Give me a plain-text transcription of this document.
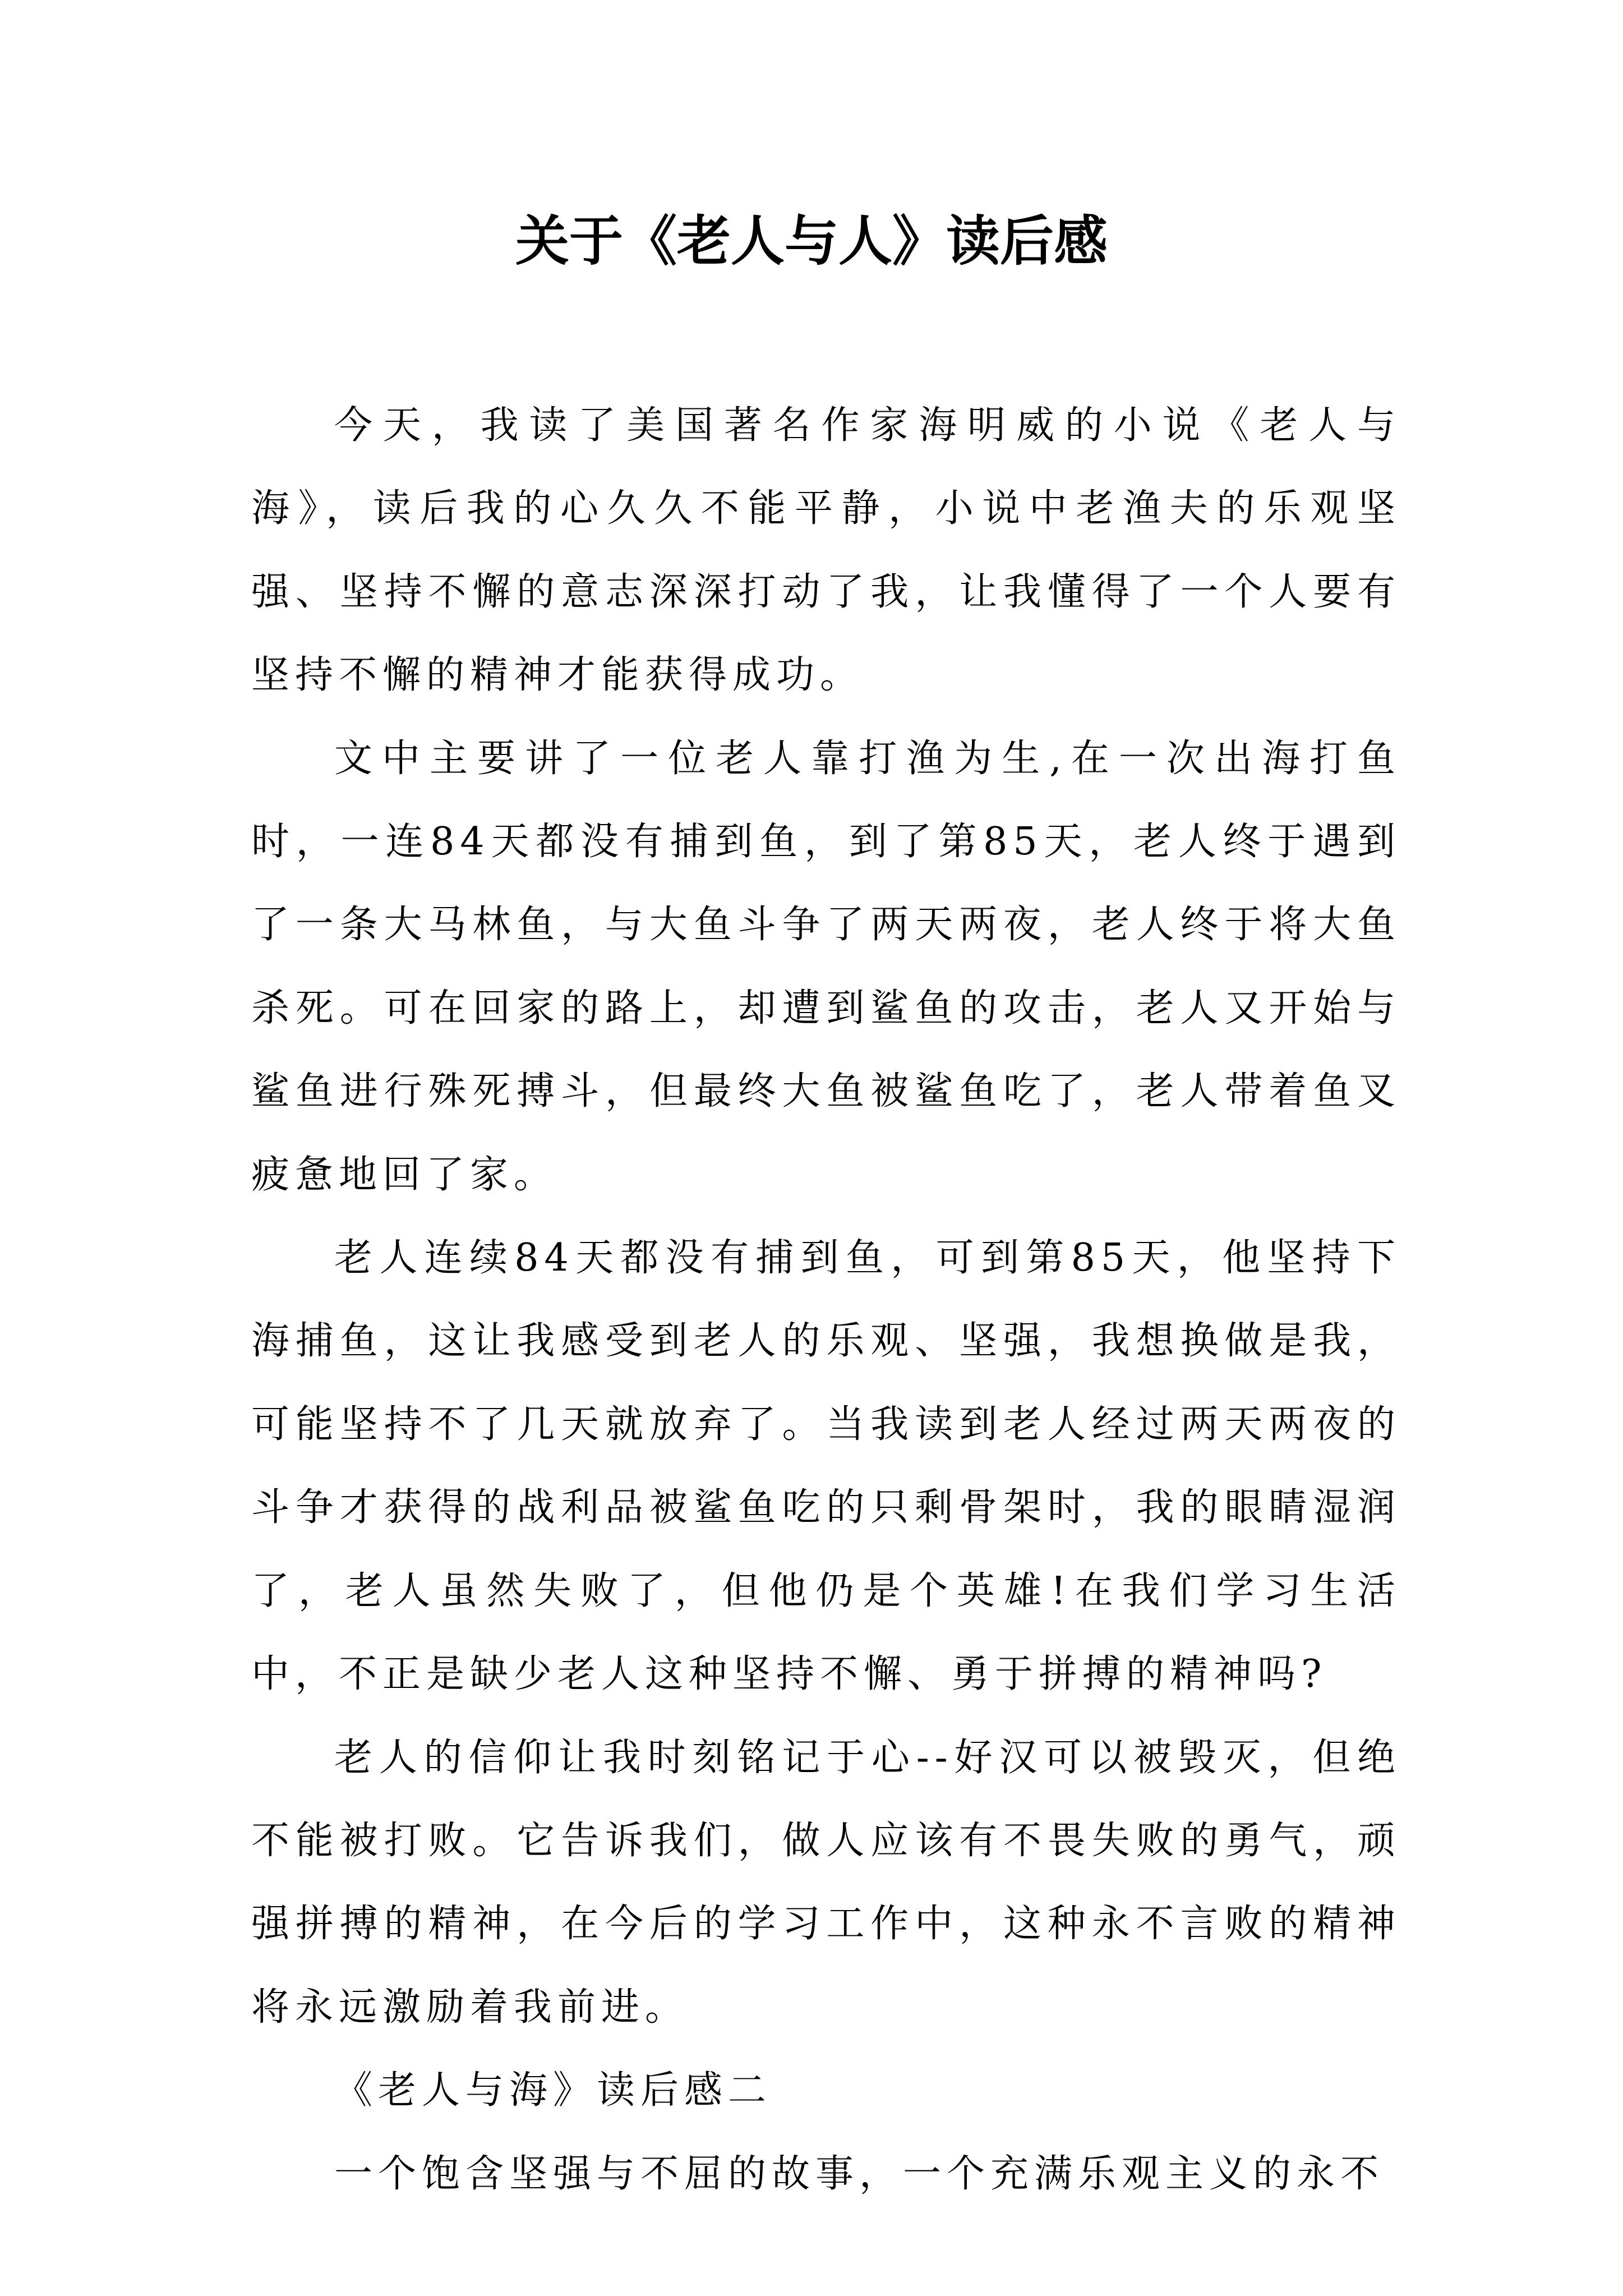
关于《老人与人》读后感

今天，我读了美国著名作家海明威的小说《老人与海》，读后我的心久久不能平静，小说中老渔夫的乐观坚强、坚持不懈的意志深深打动了我，让我懂得了一个人要有坚持不懈的精神才能获得成功。

文中主要讲了一位老人靠打渔为生,在一次出海打鱼时，一连84天都没有捕到鱼，到了第85天，老人终于遇到了一条大马林鱼，与大鱼斗争了两天两夜，老人终于将大鱼杀死。可在回家的路上，却遭到鲨鱼的攻击，老人又开始与鲨鱼进行殊死搏斗，但最终大鱼被鲨鱼吃了，老人带着鱼叉疲惫地回了家。

老人连续84天都没有捕到鱼，可到第85天，他坚持下海捕鱼，这让我感受到老人的乐观、坚强，我想换做是我，可能坚持不了几天就放弃了。当我读到老人经过两天两夜的斗争才获得的战利品被鲨鱼吃的只剩骨架时，我的眼睛湿润了，老人虽然失败了，但他仍是个英雄!在我们学习生活中，不正是缺少老人这种坚持不懈、勇于拼搏的精神吗?

老人的信仰让我时刻铭记于心--好汉可以被毁灭，但绝不能被打败。它告诉我们，做人应该有不畏失败的勇气，顽强拼搏的精神，在今后的学习工作中，这种永不言败的精神将永远激励着我前进。

《老人与海》读后感二

一个饱含坚强与不屈的故事，一个充满乐观主义的永不
